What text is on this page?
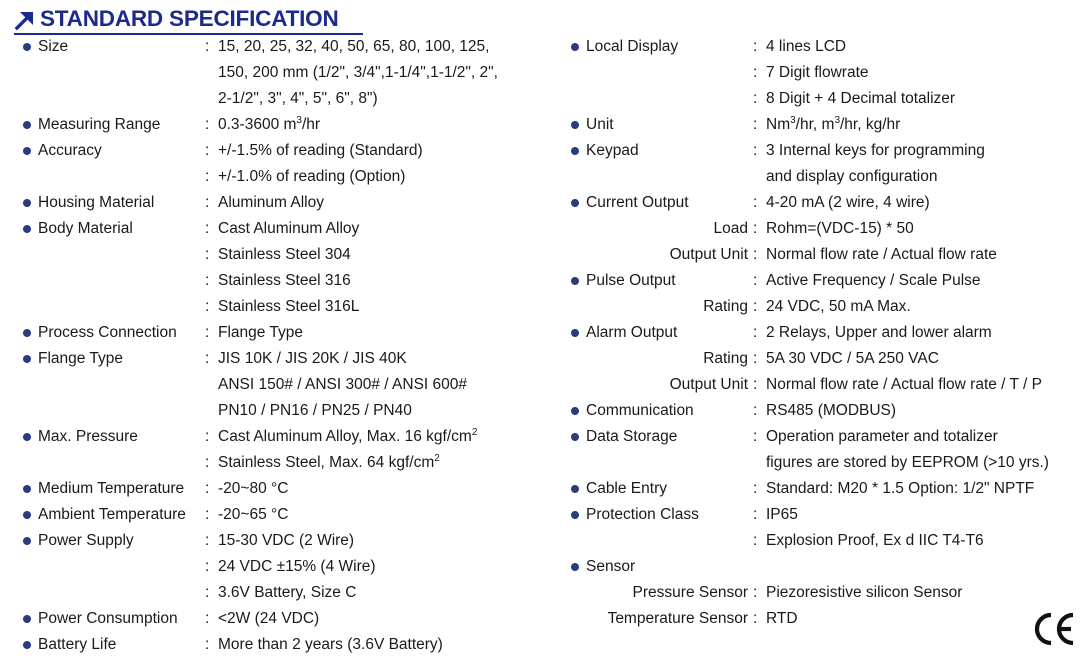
STANDARD SPECIFICATION
Size	: 15, 20, 25, 32, 40, 50, 65, 80, 100, 125,
150, 200 mm (1/2", 3/4",1-1/4",1-1/2", 2",
2-1/2", 3", 4", 5", 6", 8")
Measuring Range	: 0.3-3600 $m^3/hr$
Accuracy	: +/-1.5% of reading (Standard)
: +/-1.0% of reading (Option)
Housing Material	: Aluminum Alloy
Body Material	: Cast Aluminum Alloy
: Stainless Steel 304
: Stainless Steel 316
: Stainless Steel 316L
Process Connection : Flange Type
Flange Type	: JIS 10K / JIS 20K / JIS 40K
ANSI 150# / ANSI 300# / ANSI 600#
PN10 / PN16 / PN25 / PN40
Max. Pressure	: Cast Aluminum Alloy, Max. 16 kgf/$cm^2$
: Stainless Steel, Max. 64 kgf/$cm^2$
Medium Temperature : -20~80 °C
Ambient Temperature : -20~65 °C
Power Supply	: 15-30 VDC (2 Wire)
: 24 VDC ±15% (4 Wire)
: 3.6V Battery, Size C
Power Consumption : <2W (24 VDC)
Battery Life	: More than 2 years (3.6V Battery)
Local Display	: 4 lines LCD
: 7 Digit flowrate
: 8 Digit + 4 Decimal totalizer
Unit	: Nm$^3$/hr, $m^3/hr$, kg/hr
Keypad	: 3 Internal keys for programming
and display configuration
Current Output	: 4-20 mA (2 wire, 4 wire)
Load : Rohm=(VDC-15) * 50
Output Unit : Normal flow rate / Actual flow rate
Pulse Output	: Active Frequency / Scale Pulse
Rating : 24 VDC, 50 mA Max.
Alarm Output	: 2 Relays, Upper and lower alarm
Rating : 5A 30 VDC / 5A 250 VAC
Output Unit : Normal flow rate / Actual flow rate / T / P
Communication	: RS485 (MODBUS)
Data Storage	: Operation parameter and totalizer
figures are stored by EEPROM (>10 yrs.)
Cable Entry	: Standard: M20 * 1.5 Option: 1/2" NPTF
Protection Class	: IP65
: Explosion Proof, Ex d IIC T4-T6
Sensor
Pressure Sensor : Piezoresistive silicon Sensor
Temperature Sensor : RTD
